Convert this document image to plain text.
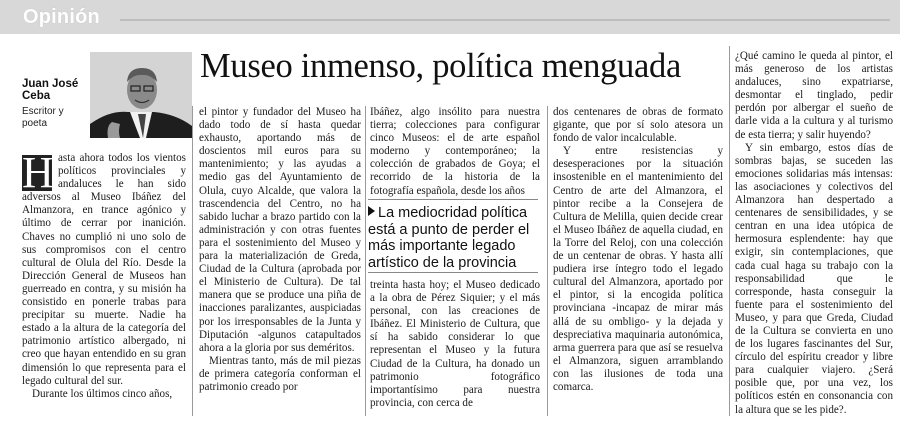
Opinión
Juan José
Ceba
Escritor y
poeta
Museo inmenso, política menguada

H asta ahora todos los vientos políticos provinciales y andaluces le han sido adversos al Museo Ibáñez del Almanzora, en trance agónico y último de cerrar por inanición. Chaves no cumplió ni uno solo de sus compromisos con el centro cultural de Olula del Río. Desde la Dirección General de Museos han guerreado en contra, y su misión ha consistido en ponerle trabas para precipitar su muerte. Nadie ha estado a la altura de la categoría del patrimonio artístico albergado, ni creo que hayan entendido en su gran dimensión lo que representa para el legado cultural del sur.

Durante los últimos cinco años,

el pintor y fundador del Museo ha dado todo de sí hasta quedar exhausto, aportando más de doscientos mil euros para su mantenimiento; y las ayudas a medio gas del Ayuntamiento de Olula, cuyo Alcalde, que valora la trascendencia del Centro, no ha sabido luchar a brazo partido con la administración y con otras fuentes para el sostenimiento del Museo y para la materialización de Greda, Ciudad de la Cultura (aprobada por el Ministerio de Cultura). De tal manera que se produce una piña de inacciones paralizantes, auspiciadas por los irresponsables de la Junta y Diputación -algunos catapultados ahora a la gloria por sus deméritos.

Mientras tanto, más de mil piezas de primera categoría conforman el patrimonio creado por

Ibáñez, algo insólito para nuestra tierra; colecciones para configurar cinco Museos: el de arte español moderno y contemporáneo; la colección de grabados de Goya; el recorrido de la historia de la fotografía española, desde los años

La mediocridad política está a punto de perder el más importante legado artístico de la provincia

treinta hasta hoy; el Museo dedicado a la obra de Pérez Siquier; y el más personal, con las creaciones de Ibáñez. El Ministerio de Cultura, que sí ha sabido considerar lo que representan el Museo y la futura Ciudad de la Cultura, ha donado un patrimonio fotográfico importantísimo para nuestra provincia, con cerca de

dos centenares de obras de formato gigante, que por sí solo atesora un fondo de valor incalculable.

Y entre resistencias y desesperaciones por la situación insostenible en el mantenimiento del Centro de arte del Almanzora, el pintor recibe a la Consejera de Cultura de Melilla, quien decide crear el Museo Ibáñez de aquella ciudad, en la Torre del Reloj, con una colección de un centenar de obras. Y hasta allí pudiera irse íntegro todo el legado cultural del Almanzora, aportado por el pintor, si la encogida política provinciana -incapaz de mirar más allá de su ombligo- y la dejada y despreciativa maquinaria autonómica, arma guerrera para que así se resuelva el Almanzora, siguen arramblando con las ilusiones de toda una comarca.

¿Qué camino le queda al pintor, el más generoso de los artistas andaluces, sino expatriarse, desmontar el tinglado, pedir perdón por albergar el sueño de darle vida a la cultura y al turismo de esta tierra; y salir huyendo?

Y sin embargo, estos días de sombras bajas, se suceden las emociones solidarias más intensas: las asociaciones y colectivos del Almanzora han despertado a centenares de sensibilidades, y se centran en una idea utópica de hermosura esplendente: hay que exigir, sin contemplaciones, que cada cual haga su trabajo con la responsabilidad que le corresponde, hasta conseguir la fuente para el sostenimiento del Museo, y para que Greda, Ciudad de la Cultura se convierta en uno de los lugares fascinantes del Sur, círculo del espíritu creador y libre para cualquier viajero. ¿Será posible que, por una vez, los políticos estén en consonancia con la altura que se les pide?.
